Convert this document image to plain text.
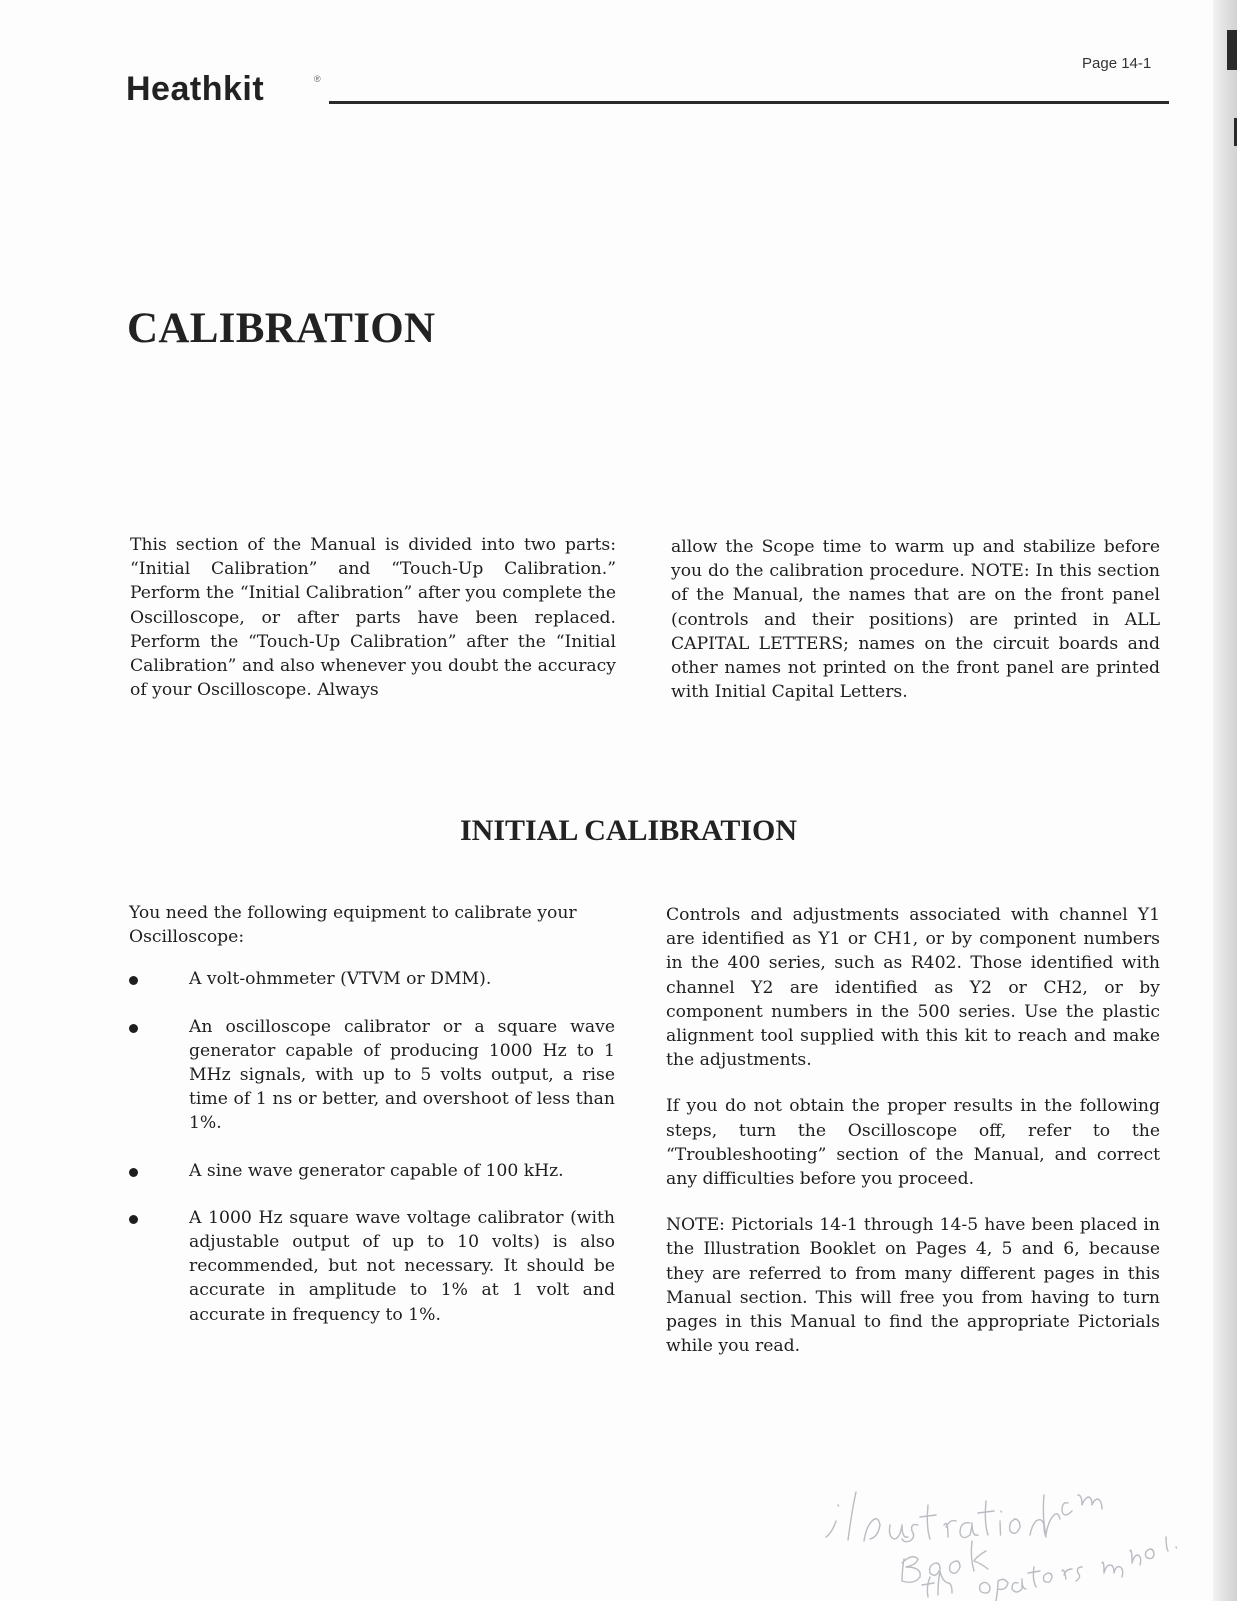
Page 14-1
Heathkit	®
CALIBRATION

This section of the Manual is divided into two parts: “Initial Calibration” and “Touch-Up Calibration.” Perform the “Initial Calibration” after you complete the Oscilloscope, or after parts have been replaced. Perform the “Touch-Up Calibration” after the “Initial Calibration” and also whenever you doubt the accuracy of your Oscilloscope. Always

allow the Scope time to warm up and stabilize before you do the calibration procedure. NOTE: In this section of the Manual, the names that are on the front panel (controls and their positions) are printed in ALL CAPITAL LETTERS; names on the circuit boards and other names not printed on the front panel are printed with Initial Capital Letters.

INITIAL CALIBRATION

You need the following equipment to calibrate your Oscilloscope:

A volt-ohmmeter (VTVM or DMM).
An oscilloscope calibrator or a square wave generator capable of producing 1000 Hz to 1 MHz signals, with up to 5 volts output, a rise time of 1 ns or better, and overshoot of less than 1%.
A sine wave generator capable of 100 kHz.
A 1000 Hz square wave voltage calibrator (with adjustable output of up to 10 volts) is also recommended, but not necessary. It should be accurate in amplitude to 1% at 1 volt and accurate in frequency to 1%.

Controls and adjustments associated with channel Y1 are identified as Y1 or CH1, or by component numbers in the 400 series, such as R402. Those identified with channel Y2 are identified as Y2 or CH2, or by component numbers in the 500 series. Use the plastic alignment tool supplied with this kit to reach and make the adjustments.

If you do not obtain the proper results in the following steps, turn the Oscilloscope off, refer to the “Troubleshooting” section of the Manual, and correct any difficulties before you proceed.

NOTE: Pictorials 14-1 through 14-5 have been placed in the Illustration Booklet on Pages 4, 5 and 6, because they are referred to from many different pages in this Manual section. This will free you from having to turn pages in this Manual to find the appropriate Pictorials while you read.
